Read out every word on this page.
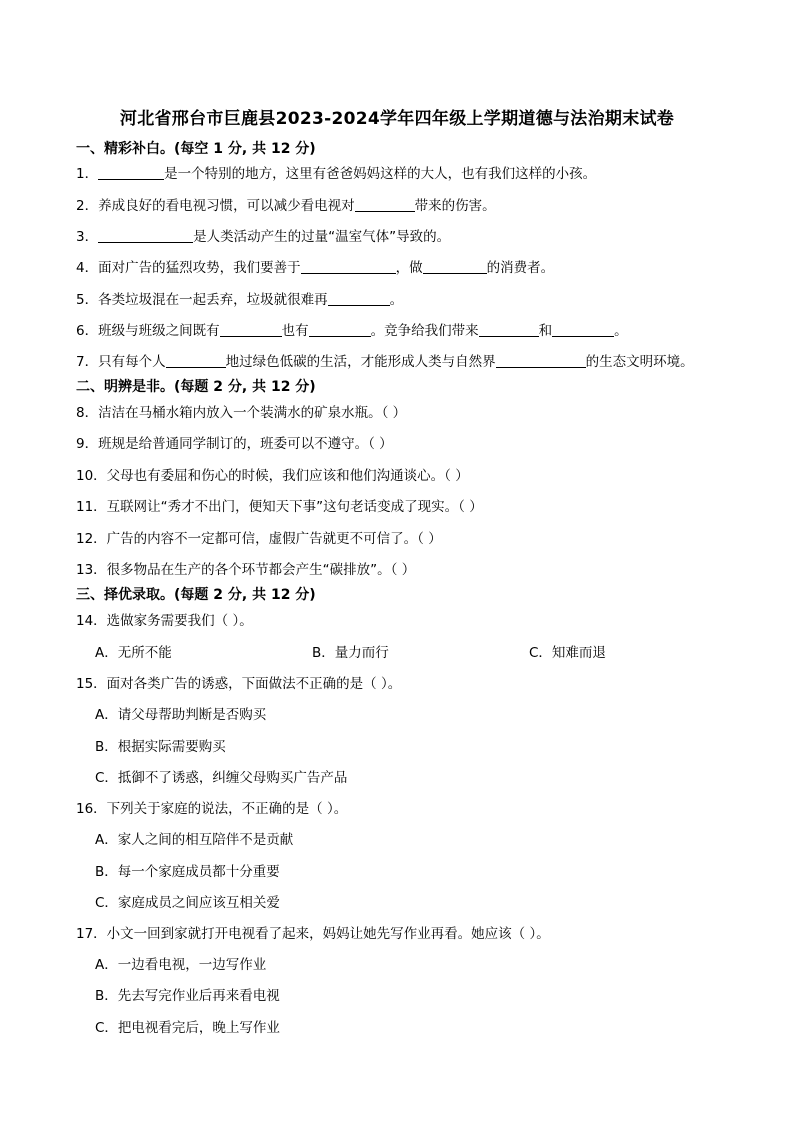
河北省邢台市巨鹿县2023-2024学年四年级上学期道德与法治期末试卷
一、精彩补白。(每空 1 分, 共 12 分)
1．	是一个特别的地方，这里有爸爸妈妈这样的大人，也有我们这样的小孩。
2．养成良好的看电视习惯，可以减少看电视对	带来的伤害。
3．	是人类活动产生的过量“温室气体”导致的。
4．面对广告的猛烈攻势，我们要善于	，做	的消费者。
5．各类垃圾混在一起丢弃，垃圾就很难再	。
6．班级与班级之间既有	也有	。竞争给我们带来	和	。
7．只有每个人	地过绿色低碳的生活，才能形成人类与自然界	的生态文明环境。
二、明辨是非。(每题 2 分, 共 12 分)
8．洁洁在马桶水箱内放入一个装满水的矿泉水瓶。（ ）
9．班规是给普通同学制订的，班委可以不遵守。（ ）
10．父母也有委屈和伤心的时候，我们应该和他们沟通谈心。（ ）
11．互联网让“秀才不出门，便知天下事”这句老话变成了现实。（ ）
12．广告的内容不一定都可信，虚假广告就更不可信了。（ ）
13．很多物品在生产的各个环节都会产生“碳排放”。（ ）
三、择优录取。(每题 2 分, 共 12 分)
14．选做家务需要我们（ ）。
A．无所不能	B．量力而行	C．知难而退
15．面对各类广告的诱惑，下面做法不正确的是（ ）。
A．请父母帮助判断是否购买
B．根据实际需要购买
C．抵御不了诱惑，纠缠父母购买广告产品
16．下列关于家庭的说法，不正确的是（ ）。
A．家人之间的相互陪伴不是贡献
B．每一个家庭成员都十分重要
C．家庭成员之间应该互相关爱
17．小文一回到家就打开电视看了起来，妈妈让她先写作业再看。她应该（ ）。
A．一边看电视，一边写作业
B．先去写完作业后再来看电视
C．把电视看完后，晚上写作业
